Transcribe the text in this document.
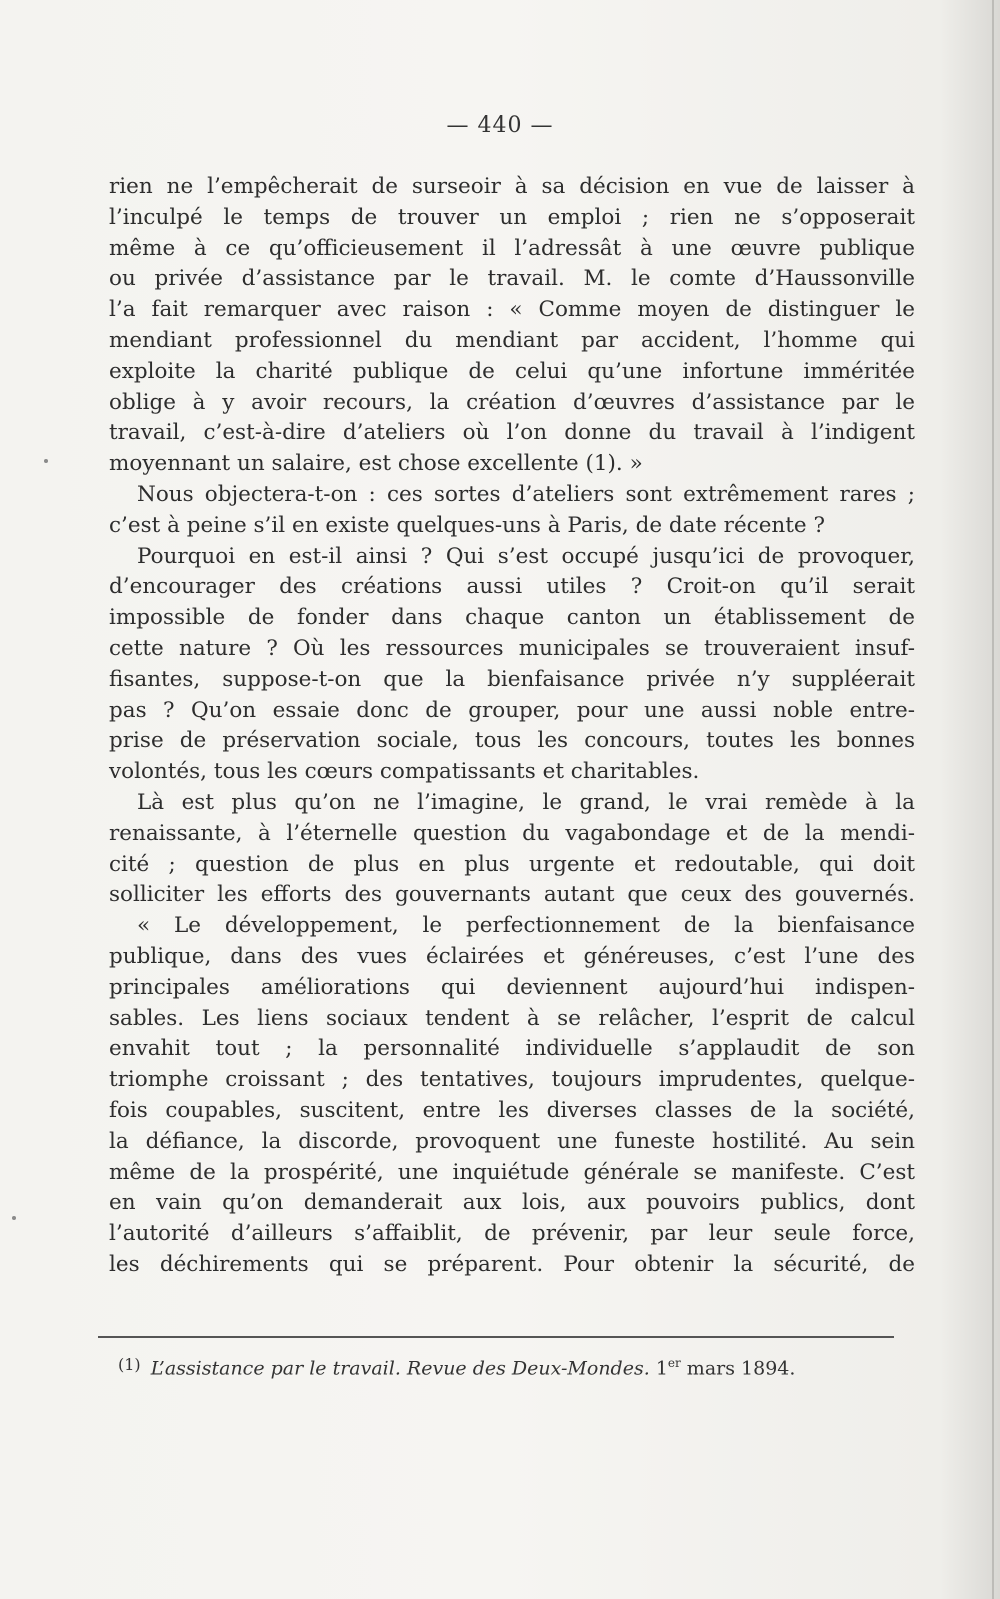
— 440 —
rien ne l’empêcherait de surseoir à sa décision en vue de laisser à
l’inculpé le temps de trouver un emploi ; rien ne s’opposerait
même à ce qu’officieusement il l’adressât à une œuvre publique
ou privée d’assistance par le travail. M. le comte d’Haussonville
l’a fait remarquer avec raison : « Comme moyen de distinguer le
mendiant professionnel du mendiant par accident, l’homme qui
exploite la charité publique de celui qu’une infortune imméritée
oblige à y avoir recours, la création d’œuvres d’assistance par le
travail, c’est-à-dire d’ateliers où l’on donne du travail à l’indigent
moyennant un salaire, est chose excellente (1). »
Nous objectera-t-on : ces sortes d’ateliers sont extrêmement rares ;
c’est à peine s’il en existe quelques-uns à Paris, de date récente ?
Pourquoi en est-il ainsi ? Qui s’est occupé jusqu’ici de provoquer,
d’encourager des créations aussi utiles ? Croit-on qu’il serait
impossible de fonder dans chaque canton un établissement de
cette nature ? Où les ressources municipales se trouveraient insuf-
fisantes, suppose-t-on que la bienfaisance privée n’y suppléerait
pas ? Qu’on essaie donc de grouper, pour une aussi noble entre-
prise de préservation sociale, tous les concours, toutes les bonnes
volontés, tous les cœurs compatissants et charitables.
Là est plus qu’on ne l’imagine, le grand, le vrai remède à la
renaissante, à l’éternelle question du vagabondage et de la mendi-
cité ; question de plus en plus urgente et redoutable, qui doit
solliciter les efforts des gouvernants autant que ceux des gouvernés.
« Le développement, le perfectionnement de la bienfaisance
publique, dans des vues éclairées et généreuses, c’est l’une des
principales améliorations qui deviennent aujourd’hui indispen-
sables. Les liens sociaux tendent à se relâcher, l’esprit de calcul
envahit tout ; la personnalité individuelle s’applaudit de son
triomphe croissant ; des tentatives, toujours imprudentes, quelque-
fois coupables, suscitent, entre les diverses classes de la société,
la défiance, la discorde, provoquent une funeste hostilité. Au sein
même de la prospérité, une inquiétude générale se manifeste. C’est
en vain qu’on demanderait aux lois, aux pouvoirs publics, dont
l’autorité d’ailleurs s’affaiblit, de prévenir, par leur seule force,
les déchirements qui se préparent. Pour obtenir la sécurité, de
$^{(1)}$ L’assistance par le travail. Revue des Deux-Mondes. 1er mars 1894.
